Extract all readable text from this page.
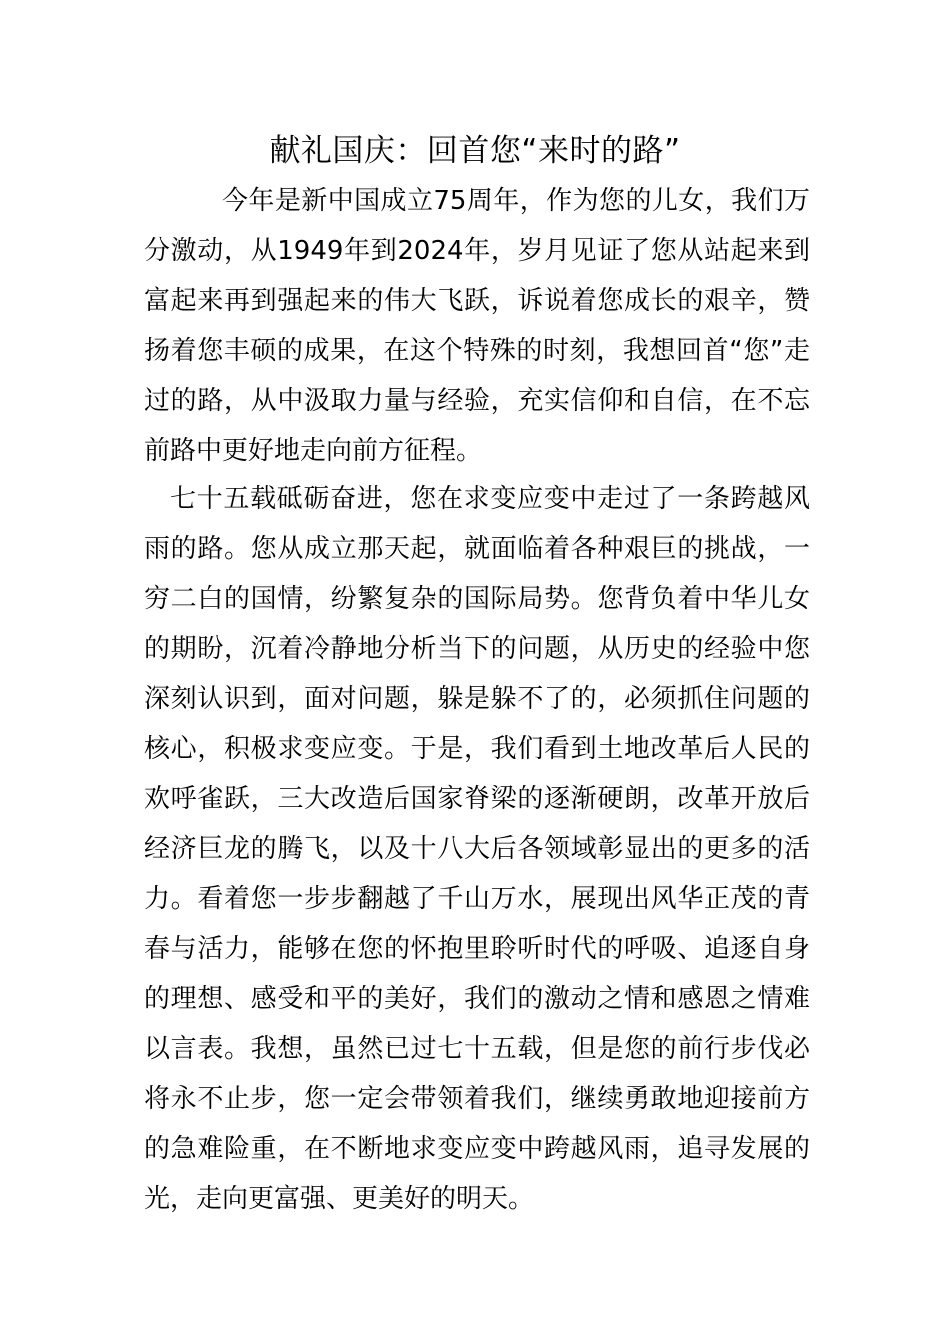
献礼国庆：回首您“来时的路”

今年是新中国成立75周年，作为您的儿女，我们万分激动，从1949年到2024年，岁月见证了您从站起来到富起来再到强起来的伟大飞跃，诉说着您成长的艰辛，赞扬着您丰硕的成果，在这个特殊的时刻，我想回首“您”走过的路，从中汲取力量与经验，充实信仰和自信，在不忘前路中更好地走向前方征程。

七十五载砥砺奋进，您在求变应变中走过了一条跨越风雨的路。您从成立那天起，就面临着各种艰巨的挑战，一穷二白的国情，纷繁复杂的国际局势。您背负着中华儿女的期盼，沉着冷静地分析当下的问题，从历史的经验中您深刻认识到，面对问题，躲是躲不了的，必须抓住问题的核心，积极求变应变。于是，我们看到土地改革后人民的欢呼雀跃，三大改造后国家脊梁的逐渐硬朗，改革开放后经济巨龙的腾飞，以及十八大后各领域彰显出的更多的活力。看着您一步步翻越了千山万水，展现出风华正茂的青春与活力，能够在您的怀抱里聆听时代的呼吸、追逐自身的理想、感受和平的美好，我们的激动之情和感恩之情难以言表。我想，虽然已过七十五载，但是您的前行步伐必将永不止步，您一定会带领着我们，继续勇敢地迎接前方的急难险重，在不断地求变应变中跨越风雨，追寻发展的光，走向更富强、更美好的明天。
